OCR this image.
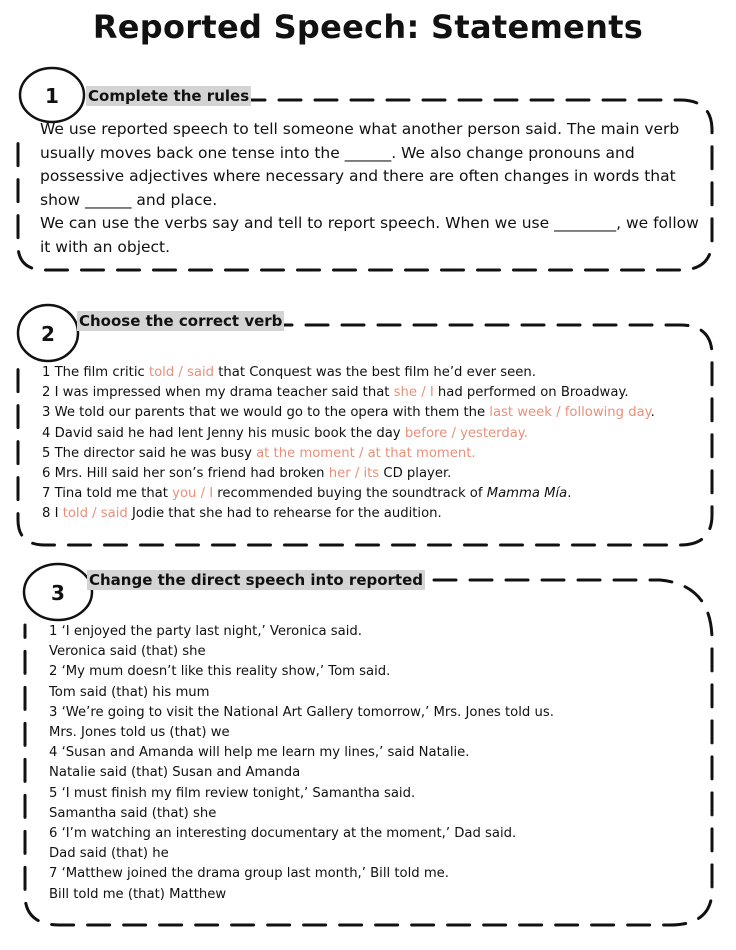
Reported Speech: Statements
1	Complete the rules

We use reported speech to tell someone what another person said. The main verb usually moves back one tense into the ______. We also change pronouns and possessive adjectives where necessary and there are often changes in words that show ______ and place.

We can use the verbs say and tell to report speech. When we use ________, we follow it with an object.

2
Choose the correct verb
1 The film critic told / said that Conquest was the best film he’d ever seen.
2 I was impressed when my drama teacher said that she / I had performed on Broadway.
3 We told our parents that we would go to the opera with them the last week / following day.
4 David said he had lent Jenny his music book the day before / yesterday.
5 The director said he was busy at the moment / at that moment.
6 Mrs. Hill said her son’s friend had broken her / its CD player.
7 Tina told me that you / I recommended buying the soundtrack of Mamma Mía.
8 I told / said Jodie that she had to rehearse for the audition.
3
Change the direct speech into reported
1 ‘I enjoyed the party last night,’ Veronica said.
Veronica said (that) she
2 ‘My mum doesn’t like this reality show,’ Tom said.
Tom said (that) his mum
3 ‘We’re going to visit the National Art Gallery tomorrow,’ Mrs. Jones told us.
Mrs. Jones told us (that) we
4 ‘Susan and Amanda will help me learn my lines,’ said Natalie.
Natalie said (that) Susan and Amanda
5 ‘I must finish my film review tonight,’ Samantha said.
Samantha said (that) she
6 ‘I’m watching an interesting documentary at the moment,’ Dad said.
Dad said (that) he
7 ‘Matthew joined the drama group last month,’ Bill told me.
Bill told me (that) Matthew
